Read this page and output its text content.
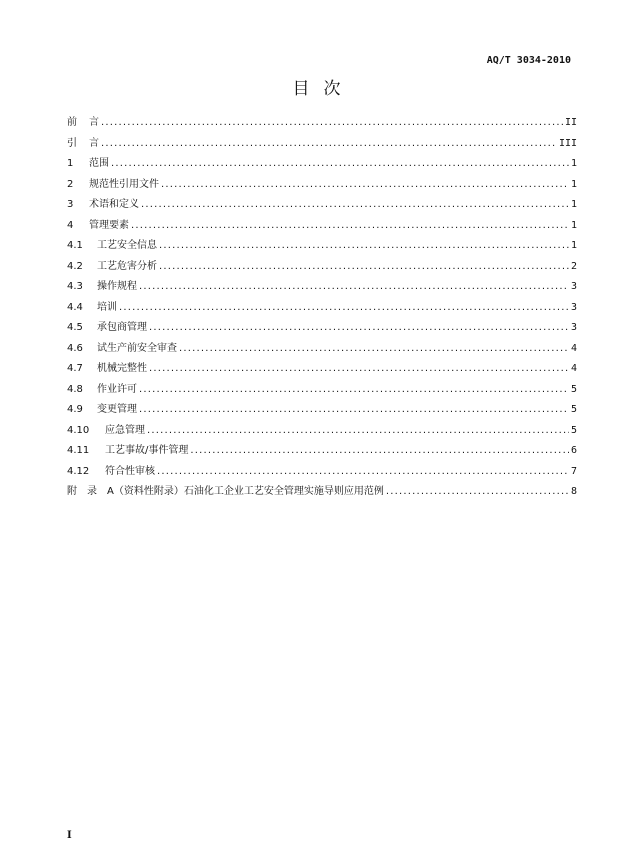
AQ/T 3034-2010
目次
前	言 .....	II
引	言 .....	III
1	范围 .....	1
2	规范性引用文件 .....	1
3	术语和定义 .....	1
4	管理要素 .....	1
4.1	工艺安全信息 .....	1
4.2	工艺危害分析 .....	2
4.3	操作规程 .....	3
4.4	培训 .....	3
4.5	承包商管理 .....	3
4.6	试生产前安全审查 .....	4
4.7	机械完整性 .....	4
4.8	作业许可 .....	5
4.9	变更管理 .....	5
4.10	应急管理 .....	5
4.11	工艺事故/事件管理 .....	6
4.12	符合性审核 .....	7
附　录 A（资料性附录）石油化工企业工艺安全管理实施导则应用范例 .....	8
I
